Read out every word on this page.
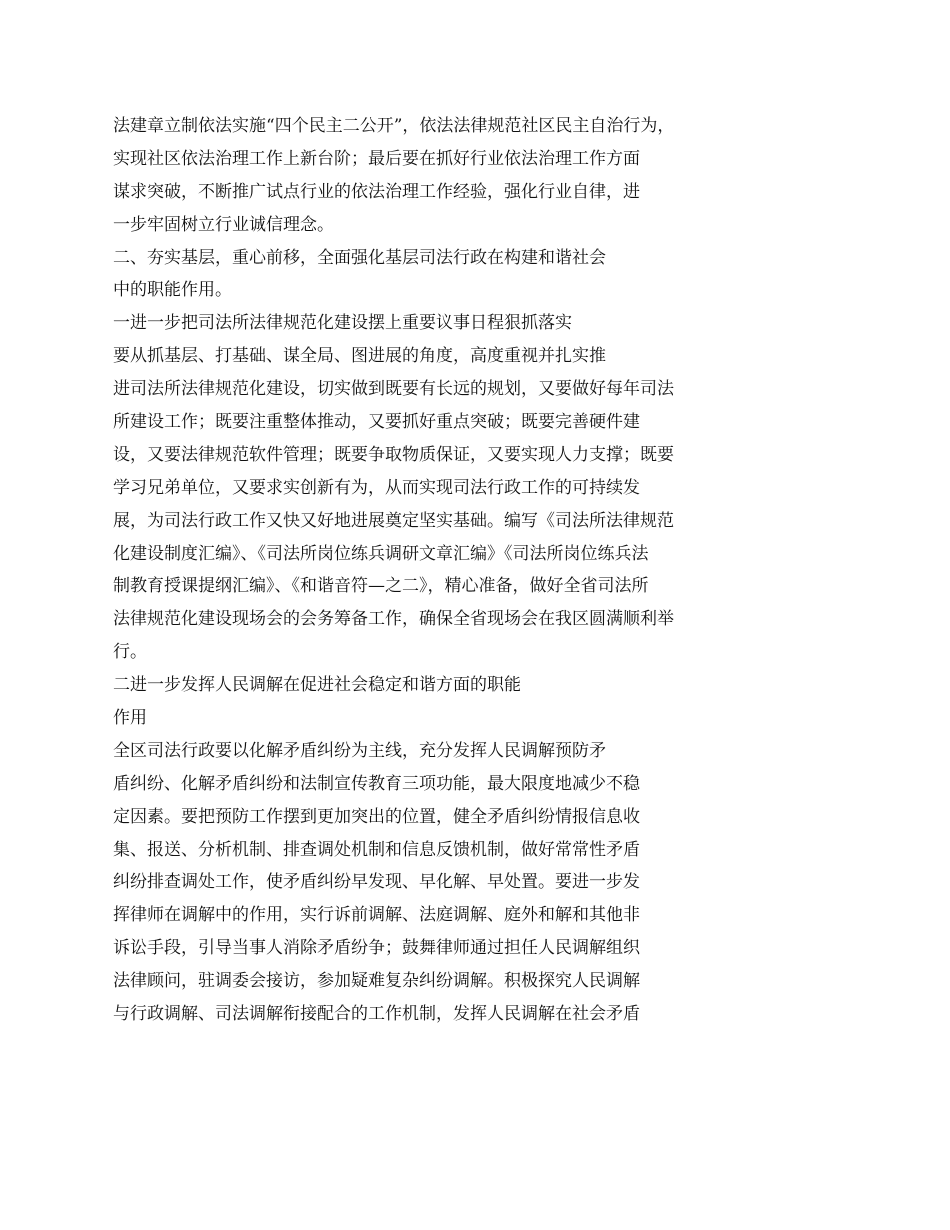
法建章立制依法实施“四个民主二公开”，依法法律规范社区民主自治行为，
实现社区依法治理工作上新台阶；最后要在抓好行业依法治理工作方面
谋求突破，不断推广试点行业的依法治理工作经验，强化行业自律，进
一步牢固树立行业诚信理念。
二、夯实基层，重心前移，全面强化基层司法行政在构建和谐社会
中的职能作用。
一进一步把司法所法律规范化建设摆上重要议事日程狠抓落实
要从抓基层、打基础、谋全局、图进展的角度，高度重视并扎实推
进司法所法律规范化建设，切实做到既要有长远的规划，又要做好每年司法
所建设工作；既要注重整体推动，又要抓好重点突破；既要完善硬件建
设，又要法律规范软件管理；既要争取物质保证，又要实现人力支撑；既要
学习兄弟单位，又要求实创新有为，从而实现司法行政工作的可持续发
展，为司法行政工作又快又好地进展奠定坚实基础。编写《司法所法律规范
化建设制度汇编》、《司法所岗位练兵调研文章汇编》《司法所岗位练兵法
制教育授课提纲汇编》、《和谐音符—之二》，精心准备，做好全省司法所
法律规范化建设现场会的会务筹备工作，确保全省现场会在我区圆满顺利举
行。
二进一步发挥人民调解在促进社会稳定和谐方面的职能
作用
全区司法行政要以化解矛盾纠纷为主线，充分发挥人民调解预防矛
盾纠纷、化解矛盾纠纷和法制宣传教育三项功能，最大限度地减少不稳
定因素。要把预防工作摆到更加突出的位置，健全矛盾纠纷情报信息收
集、报送、分析机制、排查调处机制和信息反馈机制，做好常常性矛盾
纠纷排查调处工作，使矛盾纠纷早发现、早化解、早处置。要进一步发
挥律师在调解中的作用，实行诉前调解、法庭调解、庭外和解和其他非
诉讼手段，引导当事人消除矛盾纷争；鼓舞律师通过担任人民调解组织
法律顾问，驻调委会接访，参加疑难复杂纠纷调解。积极探究人民调解
与行政调解、司法调解衔接配合的工作机制，发挥人民调解在社会矛盾
